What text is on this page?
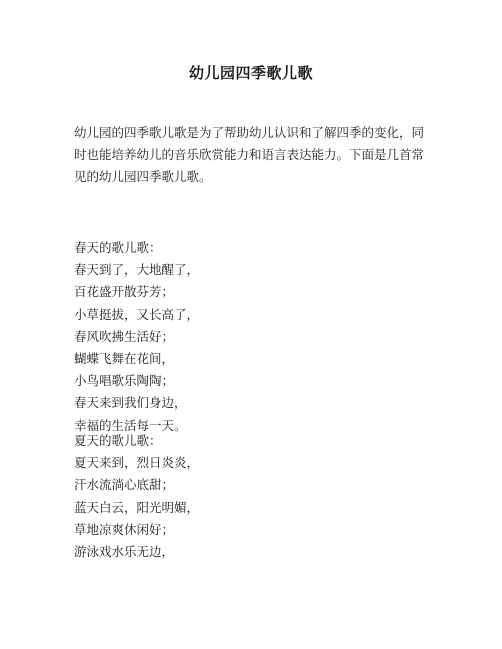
幼儿园四季歌儿歌
幼儿园的四季歌儿歌是为了帮助幼儿认识和了解四季的变化，同时也能培养幼儿的音乐欣赏能力和语言表达能力。下面是几首常见的幼儿园四季歌儿歌。

春天的歌儿歌：

春天到了，大地醒了，

百花盛开散芬芳；

小草挺拔，又长高了，

春风吹拂生活好；

蝴蝶飞舞在花间，

小鸟唱歌乐陶陶；

春天来到我们身边，

幸福的生活每一天。

夏天的歌儿歌：

夏天来到，烈日炎炎，

汗水流淌心底甜；

蓝天白云，阳光明媚，

草地凉爽休闲好；

游泳戏水乐无边，
